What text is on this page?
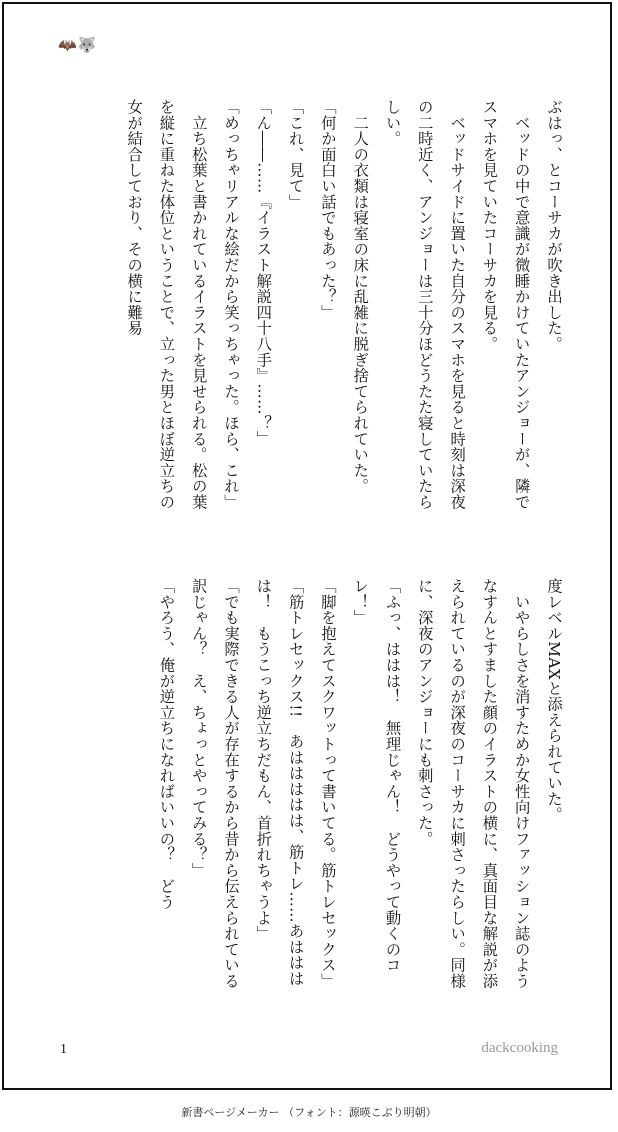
🦇 🐺

ぶはっ、とコーサカが吹き出した。

　ベッドの中で意識が微睡かけていたアンジョーが、隣でスマホを見ていたコーサカを見る。

　ベッドサイドに置いた自分のスマホを見ると時刻は深夜の二時近く、アンジョーは三十分ほどうたた寝していたらしい。

　二人の衣類は寝室の床に乱雑に脱ぎ捨てられていた。

「何か面白い話でもあった？」

「これ、見て」

「ん――……『イラスト解説四十八手』……？」

「めっちゃリアルな絵だから笑っちゃった。ほら、これ」

　立ち松葉と書かれているイラストを見せられる。松の葉を縦に重ねた体位ということで、立った男とほぼ逆立ちの女が結合しており、その横に難易

度レベルMAXと添えられていた。

　いやらしさを消すためか女性向けファッション誌のようなすんとすました顔のイラストの横に、真面目な解説が添えられているのが深夜のコーサカに刺さったらしい。同様に、深夜のアンジョーにも刺さった。

「ふっ、ははは！　無理じゃん！　どうやって動くのコレ！」

「脚を抱えてスクワットって書いてる。筋トレセックス」

「筋トレセックス!!　あははははは、筋トレ……あはははは！　もうこっち逆立ちだもん、首折れちゃうよ」

「でも実際できる人が存在するから昔から伝えられている訳じゃん？　え、ちょっとやってみる？」

「やろう、俺が逆立ちになればいいの？　どう

1	dackcooking
新書ページメーカー （フォント：源暎こぶり明朝）
